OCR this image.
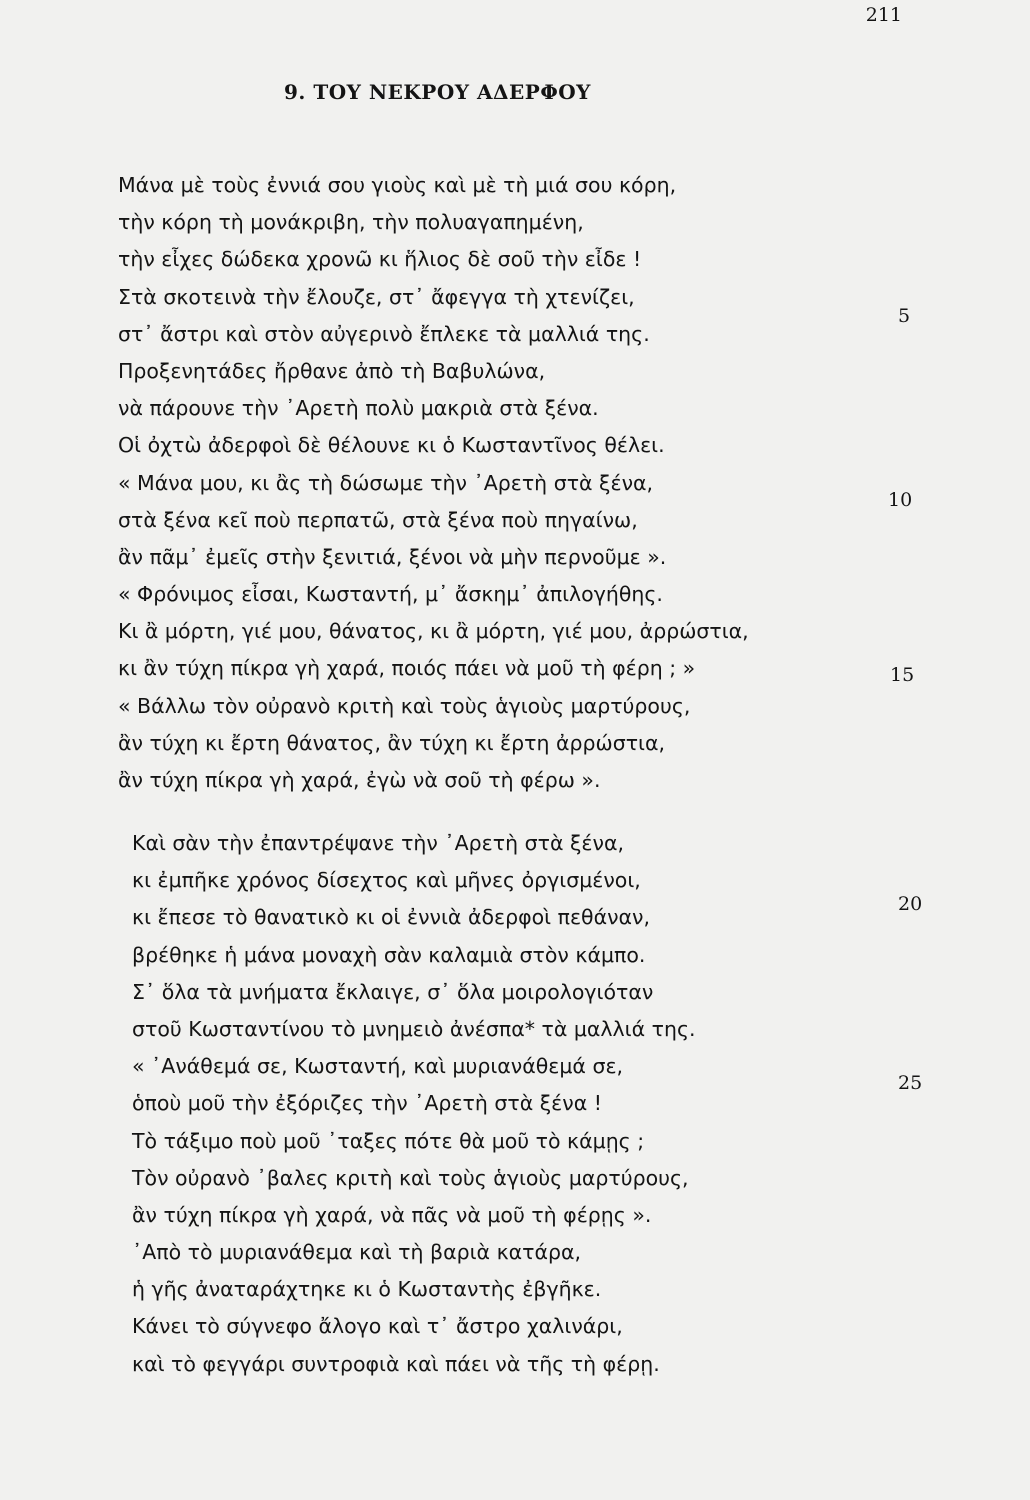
211
9. ΤΟΥ ΝΕΚΡΟΥ ΑΔΕΡΦΟΥ
Μάνα μὲ τοὺς ἐννιά σου γιοὺς καὶ μὲ τὴ μιά σου κόρη,
τὴν κόρη τὴ μονάκριβη, τὴν πολυαγαπημένη,
τὴν εἶχες δώδεκα χρονῶ κι ἥλιος δὲ σοῦ τὴν εἶδε !
Στὰ σκοτεινὰ τὴν ἔλουζε, στ᾽ ἄφεγγα τὴ χτενίζει,
στ᾽ ἄστρι καὶ στὸν αὐγερινὸ ἔπλεκε τὰ μαλλιά της.
Προξενητάδες ἤρθανε ἀπὸ τὴ Βαβυλώνα,
νὰ πάρουνε τὴν ᾽Αρετὴ πολὺ μακριὰ στὰ ξένα.
Οἱ ὀχτὼ ἀδερφοὶ δὲ θέλουνε κι ὁ Κωσταντῖνος θέλει.
« Μάνα μου, κι ἂς τὴ δώσωμε τὴν ᾽Αρετὴ στὰ ξένα,
στὰ ξένα κεῖ ποὺ περπατῶ, στὰ ξένα ποὺ πηγαίνω,
ἂν πᾶμ᾽ ἐμεῖς στὴν ξενιτιά, ξένοι νὰ μὴν περνοῦμε ».
« Φρόνιμος εἶσαι, Κωσταντή, μ᾽ ἄσκημ᾽ ἀπιλογήθης.
Κι ἂ μόρτη, γιέ μου, θάνατος, κι ἂ μόρτη, γιέ μου, ἀρρώστια,
κι ἂν τύχη πίκρα γὴ χαρά, ποιός πάει νὰ μοῦ τὴ φέρη ; »
« Βάλλω τὸν οὐρανὸ κριτὴ καὶ τοὺς ἁγιοὺς μαρτύρους,
ἂν τύχη κι ἔρτη θάνατος, ἂν τύχη κι ἔρτη ἀρρώστια,
ἂν τύχη πίκρα γὴ χαρά, ἐγὼ νὰ σοῦ τὴ φέρω ».
Καὶ σὰν τὴν ἐπαντρέψανε τὴν ᾽Αρετὴ στὰ ξένα,
κι ἐμπῆκε χρόνος δίσεχτος καὶ μῆνες ὀργισμένοι,
κι ἔπεσε τὸ θανατικὸ κι οἱ ἐννιὰ ἀδερφοὶ πεθάναν,
βρέθηκε ἡ μάνα μοναχὴ σὰν καλαμιὰ στὸν κάμπο.
Σ᾽ ὅλα τὰ μνήματα ἔκλαιγε, σ᾽ ὅλα μοιρολογιόταν
στοῦ Κωσταντίνου τὸ μνημειὸ ἀνέσπα* τὰ μαλλιά της.
« ᾽Ανάθεμά σε, Κωσταντή, καὶ μυριανάθεμά σε,
ὁποὺ μοῦ τὴν ἐξόριζες τὴν ᾽Αρετὴ στὰ ξένα !
Τὸ τάξιμο ποὺ μοῦ ᾽ταξες πότε θὰ μοῦ τὸ κάμῃς ;
Τὸν οὐρανὸ ᾽βαλες κριτὴ καὶ τοὺς ἁγιοὺς μαρτύρους,
ἂν τύχη πίκρα γὴ χαρά, νὰ πᾶς νὰ μοῦ τὴ φέρῃς ».
᾽Απὸ τὸ μυριανάθεμα καὶ τὴ βαριὰ κατάρα,
ἡ γῆς ἀναταράχτηκε κι ὁ Κωσταντὴς ἐβγῆκε.
Κάνει τὸ σύγνεφο ἄλογο καὶ τ᾽ ἄστρο χαλινάρι,
καὶ τὸ φεγγάρι συντροφιὰ καὶ πάει νὰ τῆς τὴ φέρῃ.
5
10
15
20
25
